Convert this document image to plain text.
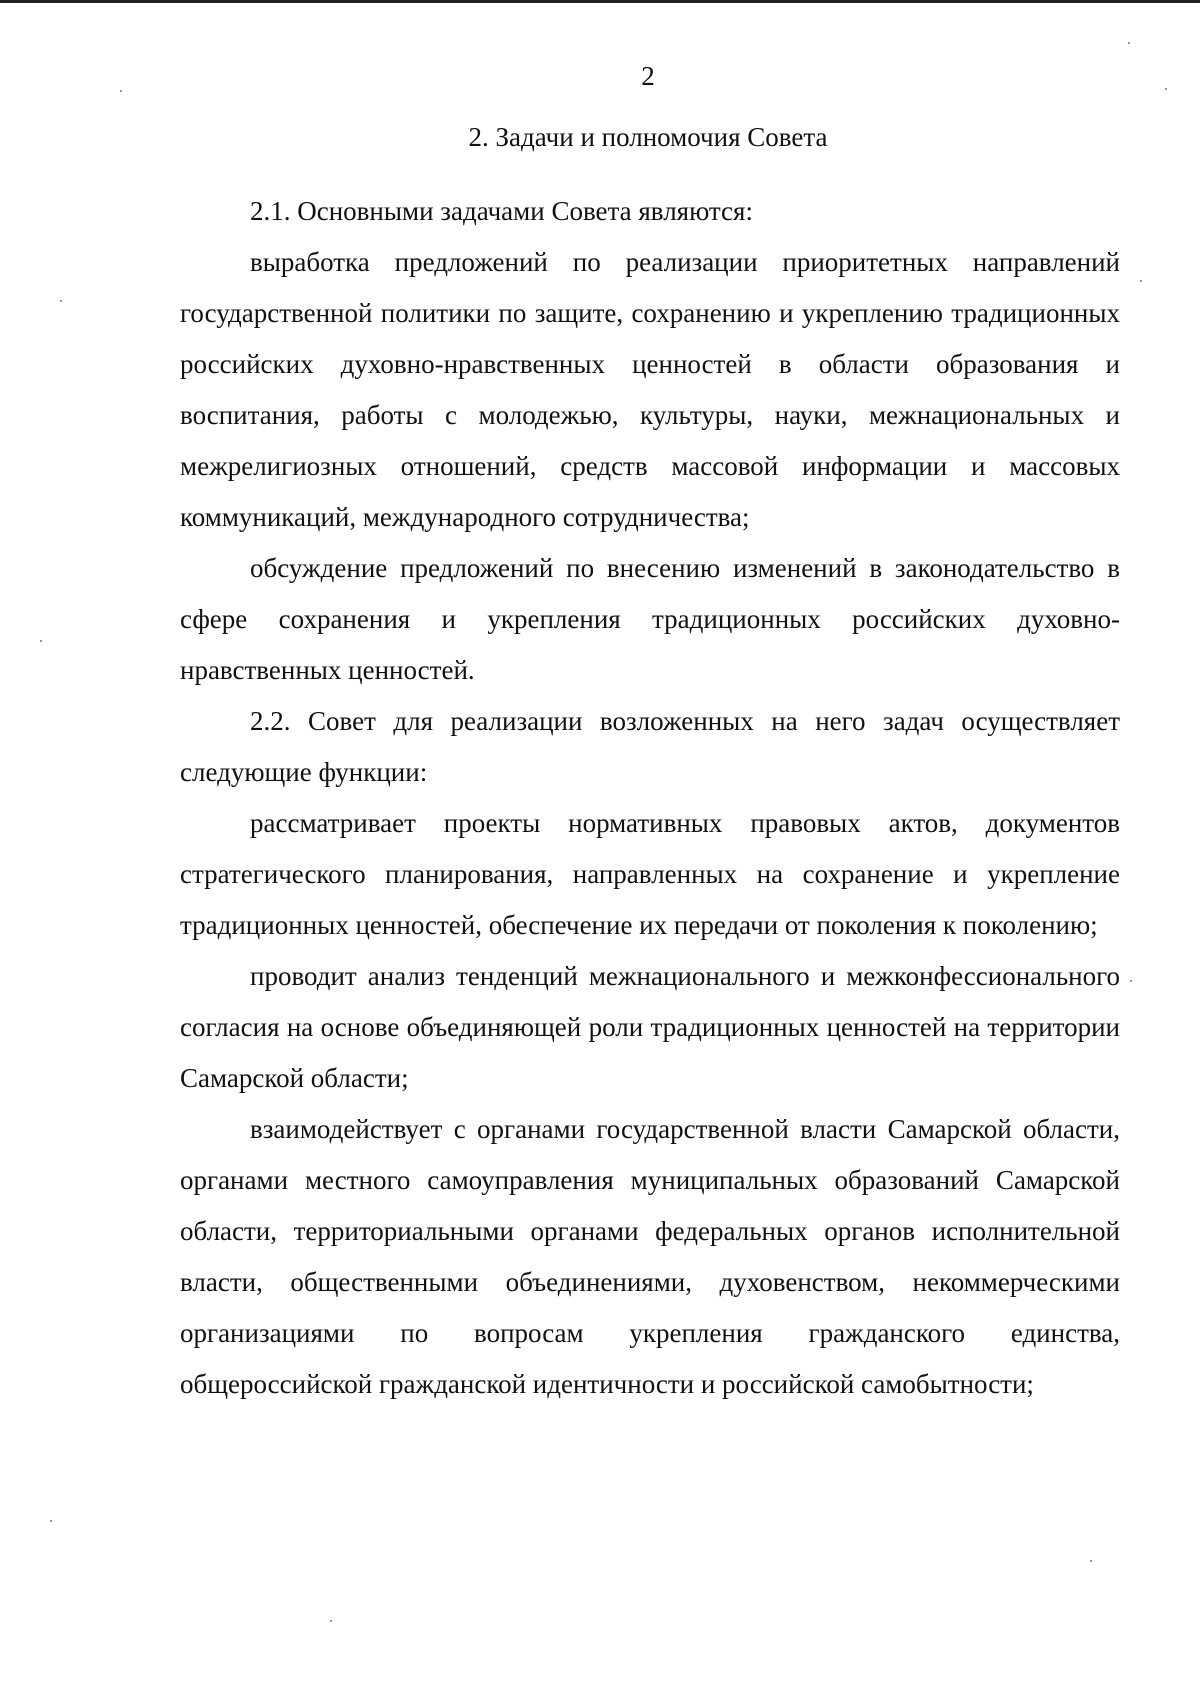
2
2. Задачи и полномочия Совета

2.1. Основными задачами Совета являются:

выработка предложений по реализации приоритетных направлений государственной политики по защите, сохранению и укреплению традиционных российских духовно-нравственных ценностей в области образования и воспитания, работы с молодежью, культуры, науки, межнациональных и межрелигиозных отношений, средств массовой информации и массовых коммуникаций, международного сотрудничества;

обсуждение предложений по внесению изменений в законодательство в сфере сохранения и укрепления традиционных российских духовно-нравственных ценностей.

2.2. Совет для реализации возложенных на него задач осуществляет следующие функции:

рассматривает проекты нормативных правовых актов, документов стратегического планирования, направленных на сохранение и укрепление традиционных ценностей, обеспечение их передачи от поколения к поколению;

проводит анализ тенденций межнационального и межконфессионального согласия на основе объединяющей роли традиционных ценностей на территории Самарской области;

взаимодействует с органами государственной власти Самарской области, органами местного самоуправления муниципальных образований Самарской области, территориальными органами федеральных органов исполнительной власти, общественными объединениями, духовенством, некоммерческими организациями по вопросам укрепления гражданского единства, общероссийской гражданской идентичности и российской самобытности;
